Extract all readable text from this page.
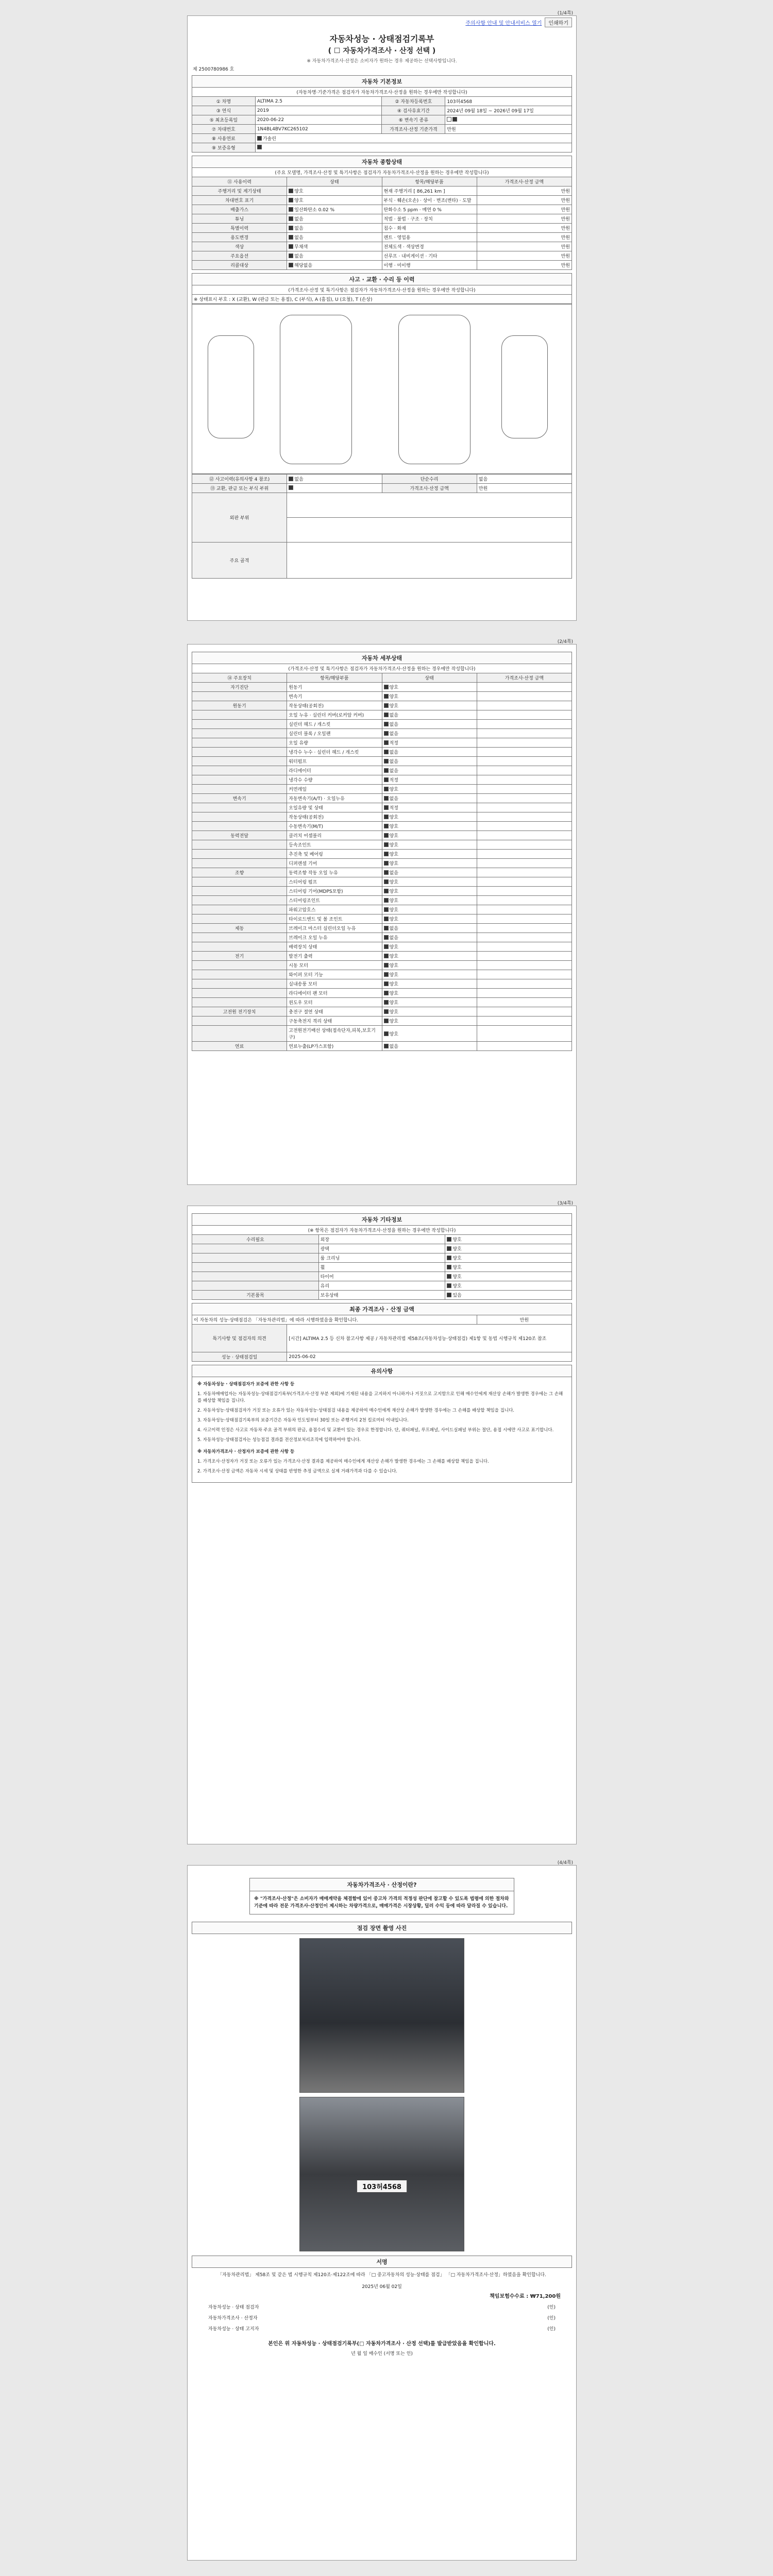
(1/4쪽)
주의사항 안내 및 안내서비스 열기	인쇄하기
자동차성능 · 상태점검기록부
( ☐ 자동차가격조사 · 산정 선택 )
※ 자동차가격조사·산정은 소비자가 원하는 경우 제공하는 선택사항입니다.
제 2500780986 호
자동차 기본정보
(자동차명·기준가격은 점검자가 자동차가격조사·산정을 원하는 경우에만 작성합니다)			
① 차명	ALTIMA 2.5	② 자동차등록번호	103허4568
③ 연식	2019	④ 검사유효기간	2024년 09월 18일 ~ 2026년 09월 17일
⑤ 최초등록일	2020-06-22	⑥ 변속기 종류	
⑦ 차대번호	1N4BL4BV7KC265102	가격조사·산정 기준가격	만원
⑧ 사용연료	가솔린		
⑨ 보증유형			
자동차 종합상태
(주요 모델명, 가격조사·산정 및 특기사항은 점검자가 자동차가격조사·산정을 원하는 경우에만 작성합니다)			
⑪ 사용이력	상태	항목/해당부품	가격조사·산정 금액
주행거리 및 계기상태	양호	현재 주행거리 [ 86,261 km ]	만원
차대번호 표기	양호	부식 · 훼손(오손) · 상이 · 변조(변타) · 도말	만원
배출가스	일산화탄소 0.02 %	탄화수소 5 ppm · 매연 0 %	만원
튜닝	없음	적법 · 불법 · 구조 · 장치	만원
특별이력	없음	침수 · 화재	만원
용도변경	없음	렌트 · 영업용	만원
색상	무채색	전체도색 · 색상변경	만원
주요옵션	없음	선루프 · 내비게이션 · 기타	만원
리콜대상	해당없음	이행 · 미이행	만원
사고 · 교환 · 수리 등 이력
(가격조사·산정 및 특기사항은 점검자가 자동차가격조사·산정을 원하는 경우에만 작성합니다)
※ 상태표시 부호 : X (교환), W (판금 또는 용접), C (부식), A (흠집), U (요철), T (손상)
⑫ 사고이력(유의사항 4 참조)	없음	단순수리	없음
⑬ 교환, 판금 또는 부식 부위		가격조사·산정 금액	만원
외판 부위			

주요 골격			
(2/4쪽)
자동차 세부상태
(가격조사·산정 및 특기사항은 점검자가 자동차가격조사·산정을 원하는 경우에만 작성합니다)			
⑭ 주요장치	항목/해당부품	상태	가격조사·산정 금액
자기진단	원동기	양호	
	변속기	양호	
원동기	작동상태(공회전)	양호	
	오일 누유 · 실린더 커버(로커암 커버)	없음	
	실린더 헤드 / 개스킷	없음	
	실린더 블록 / 오일팬	없음	
	오일 유량	적정	
	냉각수 누수 · 실린더 헤드 / 개스킷	없음	
	워터펌프	없음	
	라디에이터	없음	
	냉각수 수량	적정	
	커먼레일	양호	
변속기	자동변속기(A/T) · 오일누유	없음	
	오일유량 및 상태	적정	
	작동상태(공회전)	양호	
	수동변속기(M/T)	양호	
동력전달	클러치 어셈블리	양호	
	등속조인트	양호	
	추진축 및 베어링	양호	
	디퍼렌셜 기어	양호	
조향	동력조향 작동 오일 누유	없음	
	스티어링 펌프	양호	
	스티어링 기어(MDPS포함)	양호	
	스티어링조인트	양호	
	파워고압호스	양호	
	타이로드엔드 및 볼 조인트	양호	
제동	브레이크 마스터 실린더오일 누유	없음	
	브레이크 오일 누유	없음	
	배력장치 상태	양호	
전기	발전기 출력	양호	
	시동 모터	양호	
	와이퍼 모터 기능	양호	
	실내송풍 모터	양호	
	라디에이터 팬 모터	양호	
	윈도우 모터	양호	
고전원 전기장치	충전구 절연 상태	양호	
	구동축전지 격리 상태	양호	
	고전원전기배선 상태(접속단자,피복,보호기구)	양호	
연료	연료누출(LP가스포함)	없음	
(3/4쪽)
자동차 기타정보
(※ 항목은 점검자가 자동차가격조사·산정을 원하는 경우에만 작성합니다)		
수리필요	외장	양호
	광택	양호
	룸 크리닝	양호
	휠	양호
	타이어	양호
	유리	양호
기본품목	보유상태	있음
최종 가격조사 · 산정 금액
이 자동차의 성능·상태점검은 「자동차관리법」에 따라 시행하였음을 확인합니다.		만원
특기사항 및 점검자의 의견	[시간] ALTIMA 2.5 등 신차 참고사항 제공 / 자동차관리법 제58조(자동차성능·상태점검) 제1항 및 동법 시행규칙 제120조 참조	
성능 · 상태점검일	2025-06-02	
유의사항

※ 자동차성능 · 상태점검자가 보증에 관한 사항 등

1. 자동차매매업자는 자동차성능·상태점검기록부(가격조사·산정 부분 제외)에 기재된 내용을 고지하지 아니하거나 거짓으로 고지함으로 인해 매수인에게 재산상 손해가 발생한 경우에는 그 손해를 배상할 책임을 집니다.

2. 자동차성능·상태점검자가 거짓 또는 오류가 있는 자동차성능·상태점검 내용을 제공하여 매수인에게 재산상 손해가 발생한 경우에는 그 손해를 배상할 책임을 집니다.

3. 자동차성능·상태점검기록부의 보증기간은 자동차 인도일부터 30일 또는 주행거리 2천 킬로미터 이내입니다.

4. 사고이력 인정은 사고로 자동차 주요 골격 부위의 판금, 용접수리 및 교환이 있는 경우로 한정합니다. 단, 쿼터패널, 루프패널, 사이드실패널 부위는 절단, 용접 시에만 사고로 표기합니다.

5. 자동차성능·상태점검자는 성능점검 결과를 전산정보처리조직에 입력하여야 합니다.

※ 자동차가격조사 · 산정자가 보증에 관한 사항 등

1. 가격조사·산정자가 거짓 또는 오류가 있는 가격조사·산정 결과를 제공하여 매수인에게 재산상 손해가 발생한 경우에는 그 손해를 배상할 책임을 집니다.

2. 가격조사·산정 금액은 자동차 시세 및 상태를 반영한 추정 금액으로 실제 거래가격과 다를 수 있습니다.

(4/4쪽)
자동차가격조사 · 산정이란?
※ "가격조사·산정"은 소비자가 매매계약을 체결함에 있어 중고차 가격의 적정성 판단에 참고할 수 있도록 법령에 의한 절차와 기준에 따라 전문 가격조사·산정인이 제시하는 차량가격으로, 매매가격은 시장상황, 딜러 수익 등에 따라 달라질 수 있습니다.
점검 장면 촬영 사진
103허4568
서명
「자동차관리법」 제58조 및 같은 법 시행규칙 제120조·제122조에 따라 「□ 중고자동차의 성능·상태를 점검」 「□ 자동차가격조사·산정」하였음을 확인합니다.
2025년 06월 02일
책임보험수수료 : ₩71,200원
자동차성능 · 상태 점검자	(인)
자동차가격조사 · 산정자	(인)
자동차성능 · 상태 고지자	(인)
본인은 위 자동차성능 · 상태점검기록부(□ 자동차가격조사 · 산정 선택)를 발급받았음을 확인합니다.
년 월 일 매수인 (서명 또는 인)
